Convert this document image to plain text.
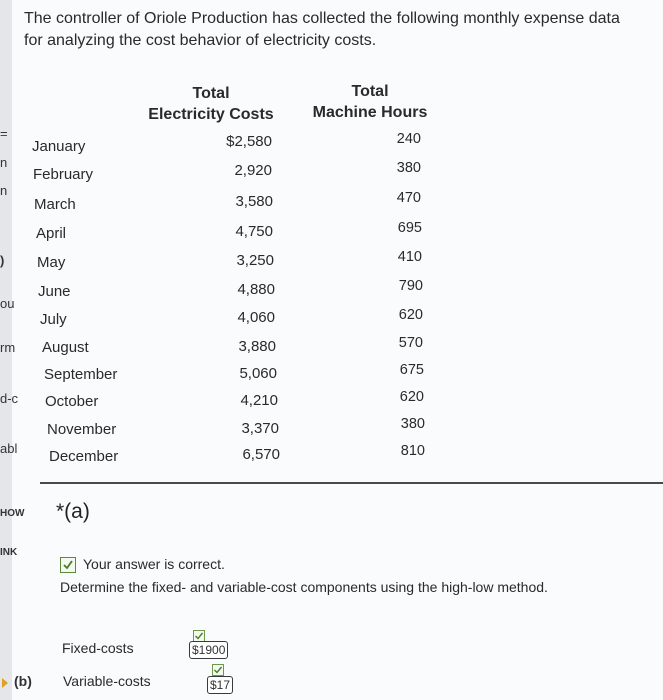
=
n
n
)
ou
rm
d-c
abl
HOW
INK
The controller of Oriole Production has collected the following monthly expense data for analyzing the cost behavior of electricity costs.
Total
Electricity Costs
Total
Machine Hours
January	$2,580	240
February	2,920	380
March	3,580	470
April	4,750	695
May	3,250	410
June	4,880	790
July	4,060	620
August	3,880	570
September	5,060	675
October	4,210	620
November	3,370	380
December	6,570	810
*(a)
Your answer is correct.
Determine the fixed- and variable-cost components using the high-low method.
Fixed-costs	$1900
Variable-costs	$17
(b)
